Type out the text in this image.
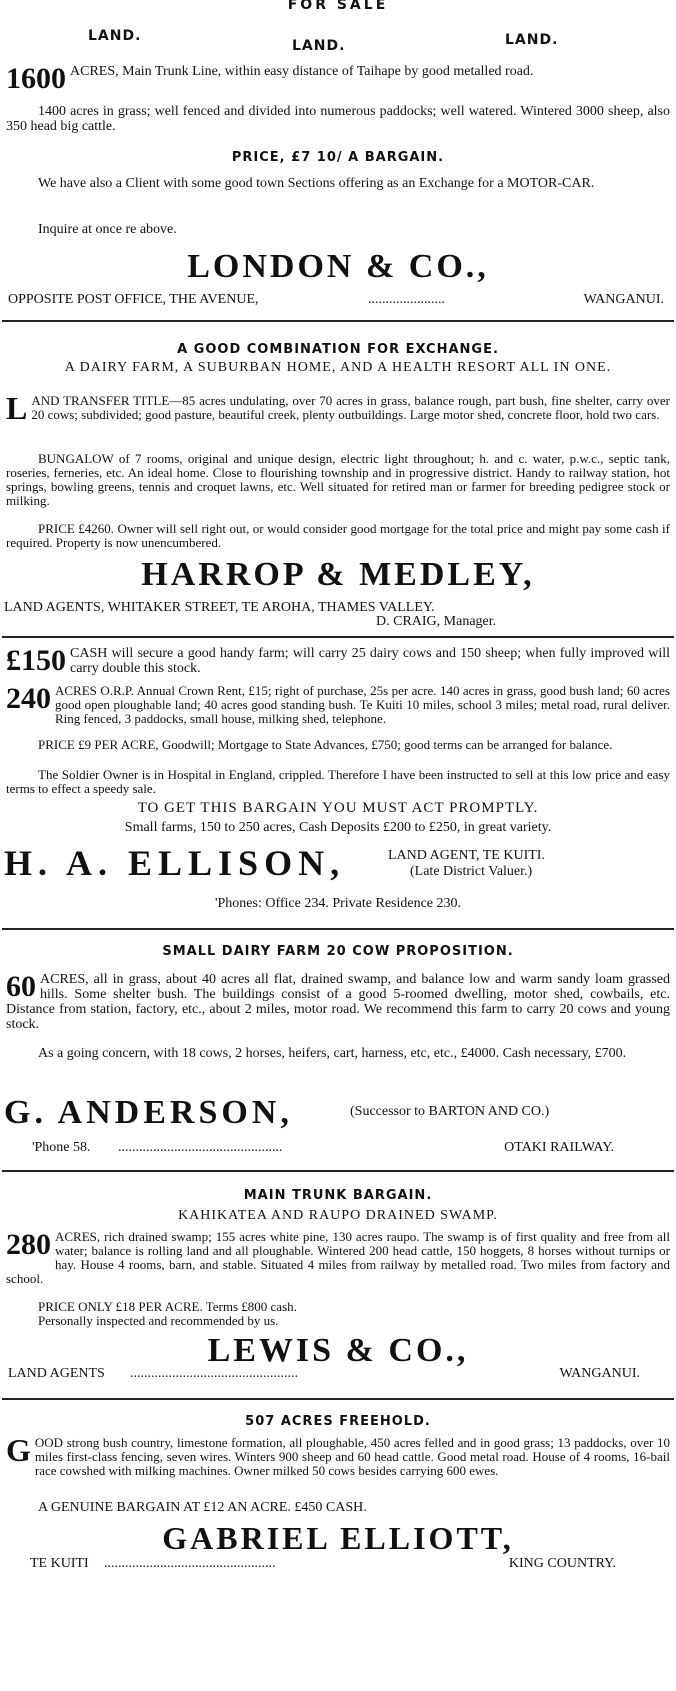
FOR SALE
LAND.
LAND.	LAND.

1600 ACRES, Main Trunk Line, within easy distance of Taihape by good metalled road.

1400 acres in grass; well fenced and divided into numerous paddocks; well watered. Wintered 3000 sheep, also 350 head big cattle.

PRICE, £7 10/ A BARGAIN.

We have also a Client with some good town Sections offering as an Exchange for a MOTOR-CAR.

Inquire at once re above.

LONDON & CO.,
OPPOSITE POST OFFICE, THE AVENUE,	......................	WANGANUI.
A GOOD COMBINATION FOR EXCHANGE.

A DAIRY FARM, A SUBURBAN HOME, AND A HEALTH RESORT ALL IN ONE.

LAND TRANSFER TITLE—85 acres undulating, over 70 acres in grass, balance rough, part bush, fine shelter, carry over 20 cows; subdivided; good pasture, beautiful creek, plenty outbuildings. Large motor shed, concrete floor, hold two cars.

BUNGALOW of 7 rooms, original and unique design, electric light throughout; h. and c. water, p.w.c., septic tank, roseries, ferneries, etc. An ideal home. Close to flourishing township and in progressive district. Handy to railway station, hot springs, bowling greens, tennis and croquet lawns, etc. Well situated for retired man or farmer for breeding pedigree stock or milking.

PRICE £4260. Owner will sell right out, or would consider good mortgage for the total price and might pay some cash if required. Property is now unencumbered.

HARROP & MEDLEY,

LAND AGENTS, WHITAKER STREET, TE AROHA, THAMES VALLEY.

D. CRAIG, Manager.

£150 CASH will secure a good handy farm; will carry 25 dairy cows and 150 sheep; when fully improved will carry double this stock.

240 ACRES O.R.P. Annual Crown Rent, £15; right of purchase, 25s per acre. 140 acres in grass, good bush land; 60 acres good open ploughable land; 40 acres good standing bush. Te Kuiti 10 miles, school 3 miles; metal road, rural deliver. Ring fenced, 3 paddocks, small house, milking shed, telephone.

PRICE £9 PER ACRE, Goodwill; Mortgage to State Advances, £750; good terms can be arranged for balance.

The Soldier Owner is in Hospital in England, crippled. Therefore I have been instructed to sell at this low price and easy terms to effect a speedy sale.

TO GET THIS BARGAIN YOU MUST ACT PROMPTLY.
Small farms, 150 to 250 acres, Cash Deposits £200 to £250, in great variety.
H. A. ELLISON,	LAND AGENT, TE KUITI.
(Late District Valuer.)
'Phones: Office 234. Private Residence 230.
SMALL DAIRY FARM 20 COW PROPOSITION.

60 ACRES, all in grass, about 40 acres all flat, drained swamp, and balance low and warm sandy loam grassed hills. Some shelter bush. The buildings consist of a good 5-roomed dwelling, motor shed, cowbails, etc. Distance from station, factory, etc., about 2 miles, motor road. We recommend this farm to carry 20 cows and young stock.

As a going concern, with 18 cows, 2 horses, heifers, cart, harness, etc, etc., £4000. Cash necessary, £700.

G. ANDERSON,	(Successor to BARTON AND CO.)
'Phone 58. ...............................................	OTAKI RAILWAY.
MAIN TRUNK BARGAIN.
KAHIKATEA AND RAUPO DRAINED SWAMP.

280 ACRES, rich drained swamp; 155 acres white pine, 130 acres raupo. The swamp is of first quality and free from all water; balance is rolling land and all ploughable. Wintered 200 head cattle, 150 hoggets, 8 horses without turnips or hay. House 4 rooms, barn, and stable. Situated 4 miles from railway by metalled road. Two miles from factory and school.

PRICE ONLY £18 PER ACRE. Terms £800 cash.

Personally inspected and recommended by us.

LEWIS & CO.,
LAND AGENTS ................................................	WANGANUI.
507 ACRES FREEHOLD.

GOOD strong bush country, limestone formation, all ploughable, 450 acres felled and in good grass; 13 paddocks, over 10 miles first-class fencing, seven wires. Winters 900 sheep and 60 head cattle. Good metal road. House of 4 rooms, 16-bail race cowshed with milking machines. Owner milked 50 cows besides carrying 600 ewes.

A GENUINE BARGAIN AT £12 AN ACRE. £450 CASH.

GABRIEL ELLIOTT,
TE KUITI .................................................	KING COUNTRY.
